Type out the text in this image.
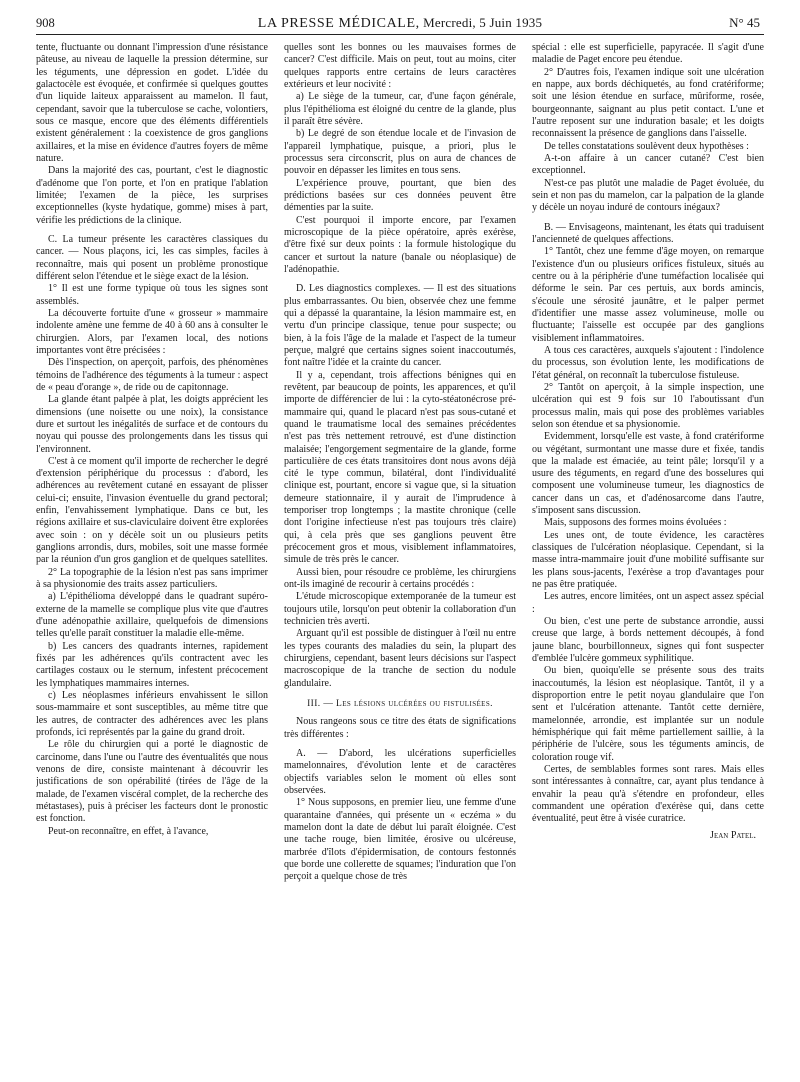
908	LA PRESSE MÉDICALE, Mercredi, 5 Juin 1935	N° 45

tente, fluctuante ou donnant l'impression d'une résistance pâteuse, au niveau de laquelle la pression détermine, sur les téguments, une dépression en godet. L'idée du galactocèle est évoquée, et confirmée si quelques gouttes d'un liquide laiteux apparaissent au mamelon. Il faut, cependant, savoir que la tuberculose se cache, volontiers, sous ce masque, encore que des éléments différentiels existent généralement : la coexistence de gros ganglions axillaires, et la mise en évidence d'autres foyers de même nature.

Dans la majorité des cas, pourtant, c'est le diagnostic d'adénome que l'on porte, et l'on en pratique l'ablation limitée; l'examen de la pièce, les surprises exceptionnelles (kyste hydatique, gomme) mises à part, vérifie les prédictions de la clinique.

C. La tumeur présente les caractères classiques du cancer. — Nous plaçons, ici, les cas simples, faciles à reconnaître, mais qui posent un problème pronostique différent selon l'étendue et le siège exact de la lésion.

1° Il est une forme typique où tous les signes sont assemblés.

La découverte fortuite d'une « grosseur » mammaire indolente amène une femme de 40 à 60 ans à consulter le chirurgien. Alors, par l'examen local, des notions importantes vont être précisées :

Dès l'inspection, on aperçoit, parfois, des phénomènes témoins de l'adhérence des téguments à la tumeur : aspect de « peau d'orange », de ride ou de capitonnage.

La glande étant palpée à plat, les doigts apprécient les dimensions (une noisette ou une noix), la consistance dure et surtout les inégalités de surface et de contours du noyau qui pousse des prolongements dans les tissus qui l'environnent.

C'est à ce moment qu'il importe de rechercher le degré d'extension périphérique du processus : d'abord, les adhérences au revêtement cutané en essayant de plisser celui-ci; ensuite, l'invasion éventuelle du grand pectoral; enfin, l'envahissement lymphatique. Dans ce but, les régions axillaire et sus-claviculaire doivent être explorées avec soin : on y décèle soit un ou plusieurs petits ganglions arrondis, durs, mobiles, soit une masse formée par la réunion d'un gros ganglion et de quelques satellites.

2° La topographie de la lésion n'est pas sans imprimer à sa physionomie des traits assez particuliers.

a) L'épithélioma développé dans le quadrant supéro-externe de la mamelle se complique plus vite que d'autres d'une adénopathie axillaire, quelquefois de dimensions telles qu'elle paraît constituer la maladie elle-même.

b) Les cancers des quadrants internes, rapidement fixés par les adhérences qu'ils contractent avec les cartilages costaux ou le sternum, infestent précocement les lymphatiques mammaires internes.

c) Les néoplasmes inférieurs envahissent le sillon sous-mammaire et sont susceptibles, au même titre que les autres, de contracter des adhérences avec les plans profonds, ici représentés par la gaine du grand droit.

Le rôle du chirurgien qui a porté le diagnostic de carcinome, dans l'une ou l'autre des éventualités que nous venons de dire, consiste maintenant à découvrir les justifications de son opérabilité (tirées de l'âge de la malade, de l'examen viscéral complet, de la recherche des métastases), puis à préciser les facteurs dont le pronostic est fonction.

Peut-on reconnaître, en effet, à l'avance,

quelles sont les bonnes ou les mauvaises formes de cancer? C'est difficile. Mais on peut, tout au moins, citer quelques rapports entre certains de leurs caractères extérieurs et leur nocivité :

a) Le siège de la tumeur, car, d'une façon générale, plus l'épithélioma est éloigné du centre de la glande, plus il paraît être sévère.

b) Le degré de son étendue locale et de l'invasion de l'appareil lymphatique, puisque, a priori, plus le processus sera circonscrit, plus on aura de chances de pouvoir en dépasser les limites en tous sens.

L'expérience prouve, pourtant, que bien des prédictions basées sur ces données peuvent être démenties par la suite.

C'est pourquoi il importe encore, par l'examen microscopique de la pièce opératoire, après exérèse, d'être fixé sur deux points : la formule histologique du cancer et surtout la nature (banale ou néoplasique) de l'adénopathie.

D. Les diagnostics complexes. — Il est des situations plus embarrassantes. Ou bien, observée chez une femme qui a dépassé la quarantaine, la lésion mammaire est, en vertu d'un principe classique, tenue pour suspecte; ou bien, à la fois l'âge de la malade et l'aspect de la tumeur perçue, malgré que certains signes soient inaccoutumés, font naître l'idée et la crainte du cancer.

Il y a, cependant, trois affections bénignes qui en revêtent, par beaucoup de points, les apparences, et qu'il importe de différencier de lui : la cyto-stéatonécrose pré-mammaire qui, quand le placard n'est pas sous-cutané et quand le traumatisme local des semaines précédentes n'est pas très nettement retrouvé, est d'une distinction malaisée; l'engorgement segmentaire de la glande, forme particulière de ces états transitoires dont nous avons déjà cité le type commun, bilatéral, dont l'individualité clinique est, pourtant, encore si vague que, si la situation demeure stationnaire, il y aurait de l'imprudence à temporiser trop longtemps ; la mastite chronique (celle dont l'origine infectieuse n'est pas toujours très claire) qui, à cela près que ses ganglions peuvent être précocement gros et mous, visiblement inflammatoires, simule de très près le cancer.

Aussi bien, pour résoudre ce problème, les chirurgiens ont-ils imaginé de recourir à certains procédés :

L'étude microscopique extemporanée de la tumeur est toujours utile, lorsqu'on peut obtenir la collaboration d'un technicien très averti.

Arguant qu'il est possible de distinguer à l'œil nu entre les types courants des maladies du sein, la plupart des chirurgiens, cependant, basent leurs décisions sur l'aspect macroscopique de la tranche de section du nodule glandulaire.

III. — Les lésions ulcérées ou fistulisées.

Nous rangeons sous ce titre des états de significations très différentes :

A. — D'abord, les ulcérations superficielles mamelonnaires, d'évolution lente et de caractères objectifs variables selon le moment où elles sont observées.

1° Nous supposons, en premier lieu, une femme d'une quarantaine d'années, qui présente un « eczéma » du mamelon dont la date de début lui paraît éloignée. C'est une tache rouge, bien limitée, érosive ou ulcéreuse, marbrée d'îlots d'épidermisation, de contours festonnés que borde une collerette de squames; l'induration que l'on perçoit a quelque chose de très

spécial : elle est superficielle, papyracée. Il s'agit d'une maladie de Paget encore peu étendue.

2° D'autres fois, l'examen indique soit une ulcération en nappe, aux bords déchiquetés, au fond cratériforme; soit une lésion étendue en surface, mûriforme, rosée, bourgeonnante, saignant au plus petit contact. L'une et l'autre reposent sur une induration basale; et les doigts reconnaissent la présence de ganglions dans l'aisselle.

De telles constatations soulèvent deux hypothèses :

A-t-on affaire à un cancer cutané? C'est bien exceptionnel.

N'est-ce pas plutôt une maladie de Paget évoluée, du sein et non pas du mamelon, car la palpation de la glande y décèle un noyau induré de contours inégaux?

B. — Envisageons, maintenant, les états qui traduisent l'ancienneté de quelques affections.

1° Tantôt, chez une femme d'âge moyen, on remarque l'existence d'un ou plusieurs orifices fistuleux, situés au centre ou à la périphérie d'une tuméfaction localisée qui déforme le sein. Par ces pertuis, aux bords amincis, s'écoule une sérosité jaunâtre, et le palper permet d'identifier une masse assez volumineuse, molle ou fluctuante; l'aisselle est occupée par des ganglions visiblement inflammatoires.

A tous ces caractères, auxquels s'ajoutent : l'indolence du processus, son évolution lente, les modifications de l'état général, on reconnaît la tuberculose fistuleuse.

2° Tantôt on aperçoit, à la simple inspection, une ulcération qui est 9 fois sur 10 l'aboutissant d'un processus malin, mais qui pose des problèmes variables selon son étendue et sa physionomie.

Evidemment, lorsqu'elle est vaste, à fond cratériforme ou végétant, surmontant une masse dure et fixée, tandis que la malade est émaciée, au teint pâle; lorsqu'il y a usure des téguments, en regard d'une des bosselures qui composent une volumineuse tumeur, les diagnostics de cancer dans un cas, et d'adénosarcome dans l'autre, s'imposent sans discussion.

Mais, supposons des formes moins évoluées :

Les unes ont, de toute évidence, les caractères classiques de l'ulcération néoplasique. Cependant, si la masse intra-mammaire jouit d'une mobilité suffisante sur les plans sous-jacents, l'exérèse a trop d'avantages pour ne pas être pratiquée.

Les autres, encore limitées, ont un aspect assez spécial :

Ou bien, c'est une perte de substance arrondie, aussi creuse que large, à bords nettement découpés, à fond jaune blanc, bourbillonneux, signes qui font suspecter d'emblée l'ulcère gommeux syphilitique.

Ou bien, quoiqu'elle se présente sous des traits inaccoutumés, la lésion est néoplasique. Tantôt, il y a disproportion entre le petit noyau glandulaire que l'on sent et l'ulcération attenante. Tantôt cette dernière, mamelonnée, arrondie, est implantée sur un nodule hémisphérique qui fait même partiellement saillie, à la périphérie de l'ulcère, sous les téguments amincis, de coloration rouge vif.

Certes, de semblables formes sont rares. Mais elles sont intéressantes à connaître, car, ayant plus tendance à envahir la peau qu'à s'étendre en profondeur, elles commandent une opération d'exérèse qui, dans cette éventualité, peut être à visée curatrice.

Jean Patel.
